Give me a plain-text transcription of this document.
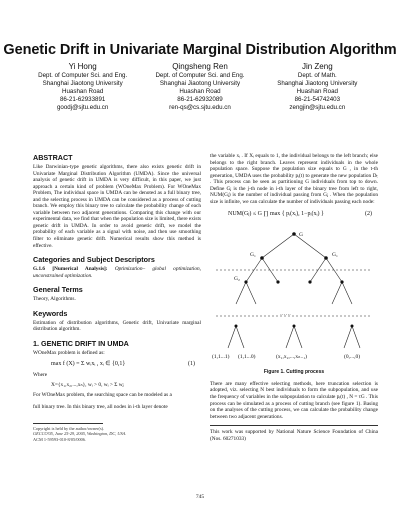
Genetic Drift in Univariate Marginal Distribution Algorithm
Yi Hong
Dept. of Computer Sci. and Eng.
Shanghai Jiaotong University
Huashan Road
86-21-62933891
goodj@sjtu.edu.cn
Qingsheng Ren
Dept. of Computer Sci. and Eng.
Shanghai Jiaotong University
Huashan Road
86-21-62932089
ren-qs@cs.sjtu.edu.cn
Jin Zeng
Dept. of Math.
Shanghai Jiaotong University
Huashan Road
86-21-54742403
zengjin@sjtu.edu.cn
ABSTRACT

Like Darwinian-type genetic algorithms, there also exists genetic drift in Univariate Marginal Distribution Algorithm (UMDA). Since the universal analysis of genetic drift in UMDA is very difficult, in this paper, we just approach a certain kind of problem (WOneMax Problem). For WOneMax Problem, The individual space in UMDA can be denoted as a full binary tree, and the selecting process in UMDA can be considered as a process of cutting branch. We employ this binary tree to calculate the probability change of each variable between two adjacent generations. Comparing this change with our experimental data, we find that when the population size is limited, there exists genetic drift in UMDA. In order to avoid genetic drift, we model the probability of each variable as a signal with noise, and then use smoothing filter to eliminate genetic drift. Numerical results show this method is effective.

Categories and Subject Descriptors

G.1.6 [Numerical Analysis]: Optimization– global optimization, unconstrained optimization.

General Terms

Theory, Algorithms.

Keywords

Estimation of distribution algorithms, Genetic drift, Univariate marginal distribution algorithm.

1. GENETIC DRIFT IN UMDA

WOneMax problem is defined as:

max f (X) = Σ wᵢxᵢ , xᵢ ∈ {0,1}	(1)

Where

X={x₁,x₂,...,xₙ}, wᵢ > 0, wᵢ > Σ wⱼ

For WOneMax problem, the searching space can be modeled as a

full binary tree. In this binary tree, all nodes in i-th layer denote

Copyright is held by the author/owner(s).
GECCO'05, June 25-29, 2005, Washington, DC, USA.
ACM 1-59593-010-8/05/0006.

the variable xᵢ . If Xᵢ equals to 1, the individual belongs to the left branch; else belongs to the right branch. Leaves represent individuals in the whole population space. Suppose the population size equals to G , in the t-th generation, UMDA uses the probability pᵢ(t) to generate the new population Dₜ . This process can be seen as partitioning G individuals from top to down. Define Gⱼ is the j-th node in i-th layer of the binary tree from left to right, NUM(Gⱼ) is the number of individual passing from Gⱼ . When the population size is infinite, we can calculate the number of individuals passing each node:

NUM(Gⱼ) ≤ G ∏ max { pᵢ(xᵢ), 1−pᵢ(xᵢ) }	(2)
G
G₁	G₁
G₂
······
(1,1...1) (1,1...0)	(x₁,x₂,...,xₙ₋₁)	(0,...,0)
Figure 1. Cutting process

There are many effective selecting methods, here truncation selection is adopted, viz. selecting N best individuals to form the subpopulation, and use the frequency of variables in the subpopulation to calculate pᵢ(t) , N = τG . This process can be simulated as a process of cutting branch (see figure 1). Basing on the analyses of the cutting process, we can calculate the probability change between two adjacent generations.

This work was supported by National Nature Science Foundation of China (Nos. 60271033)

745
